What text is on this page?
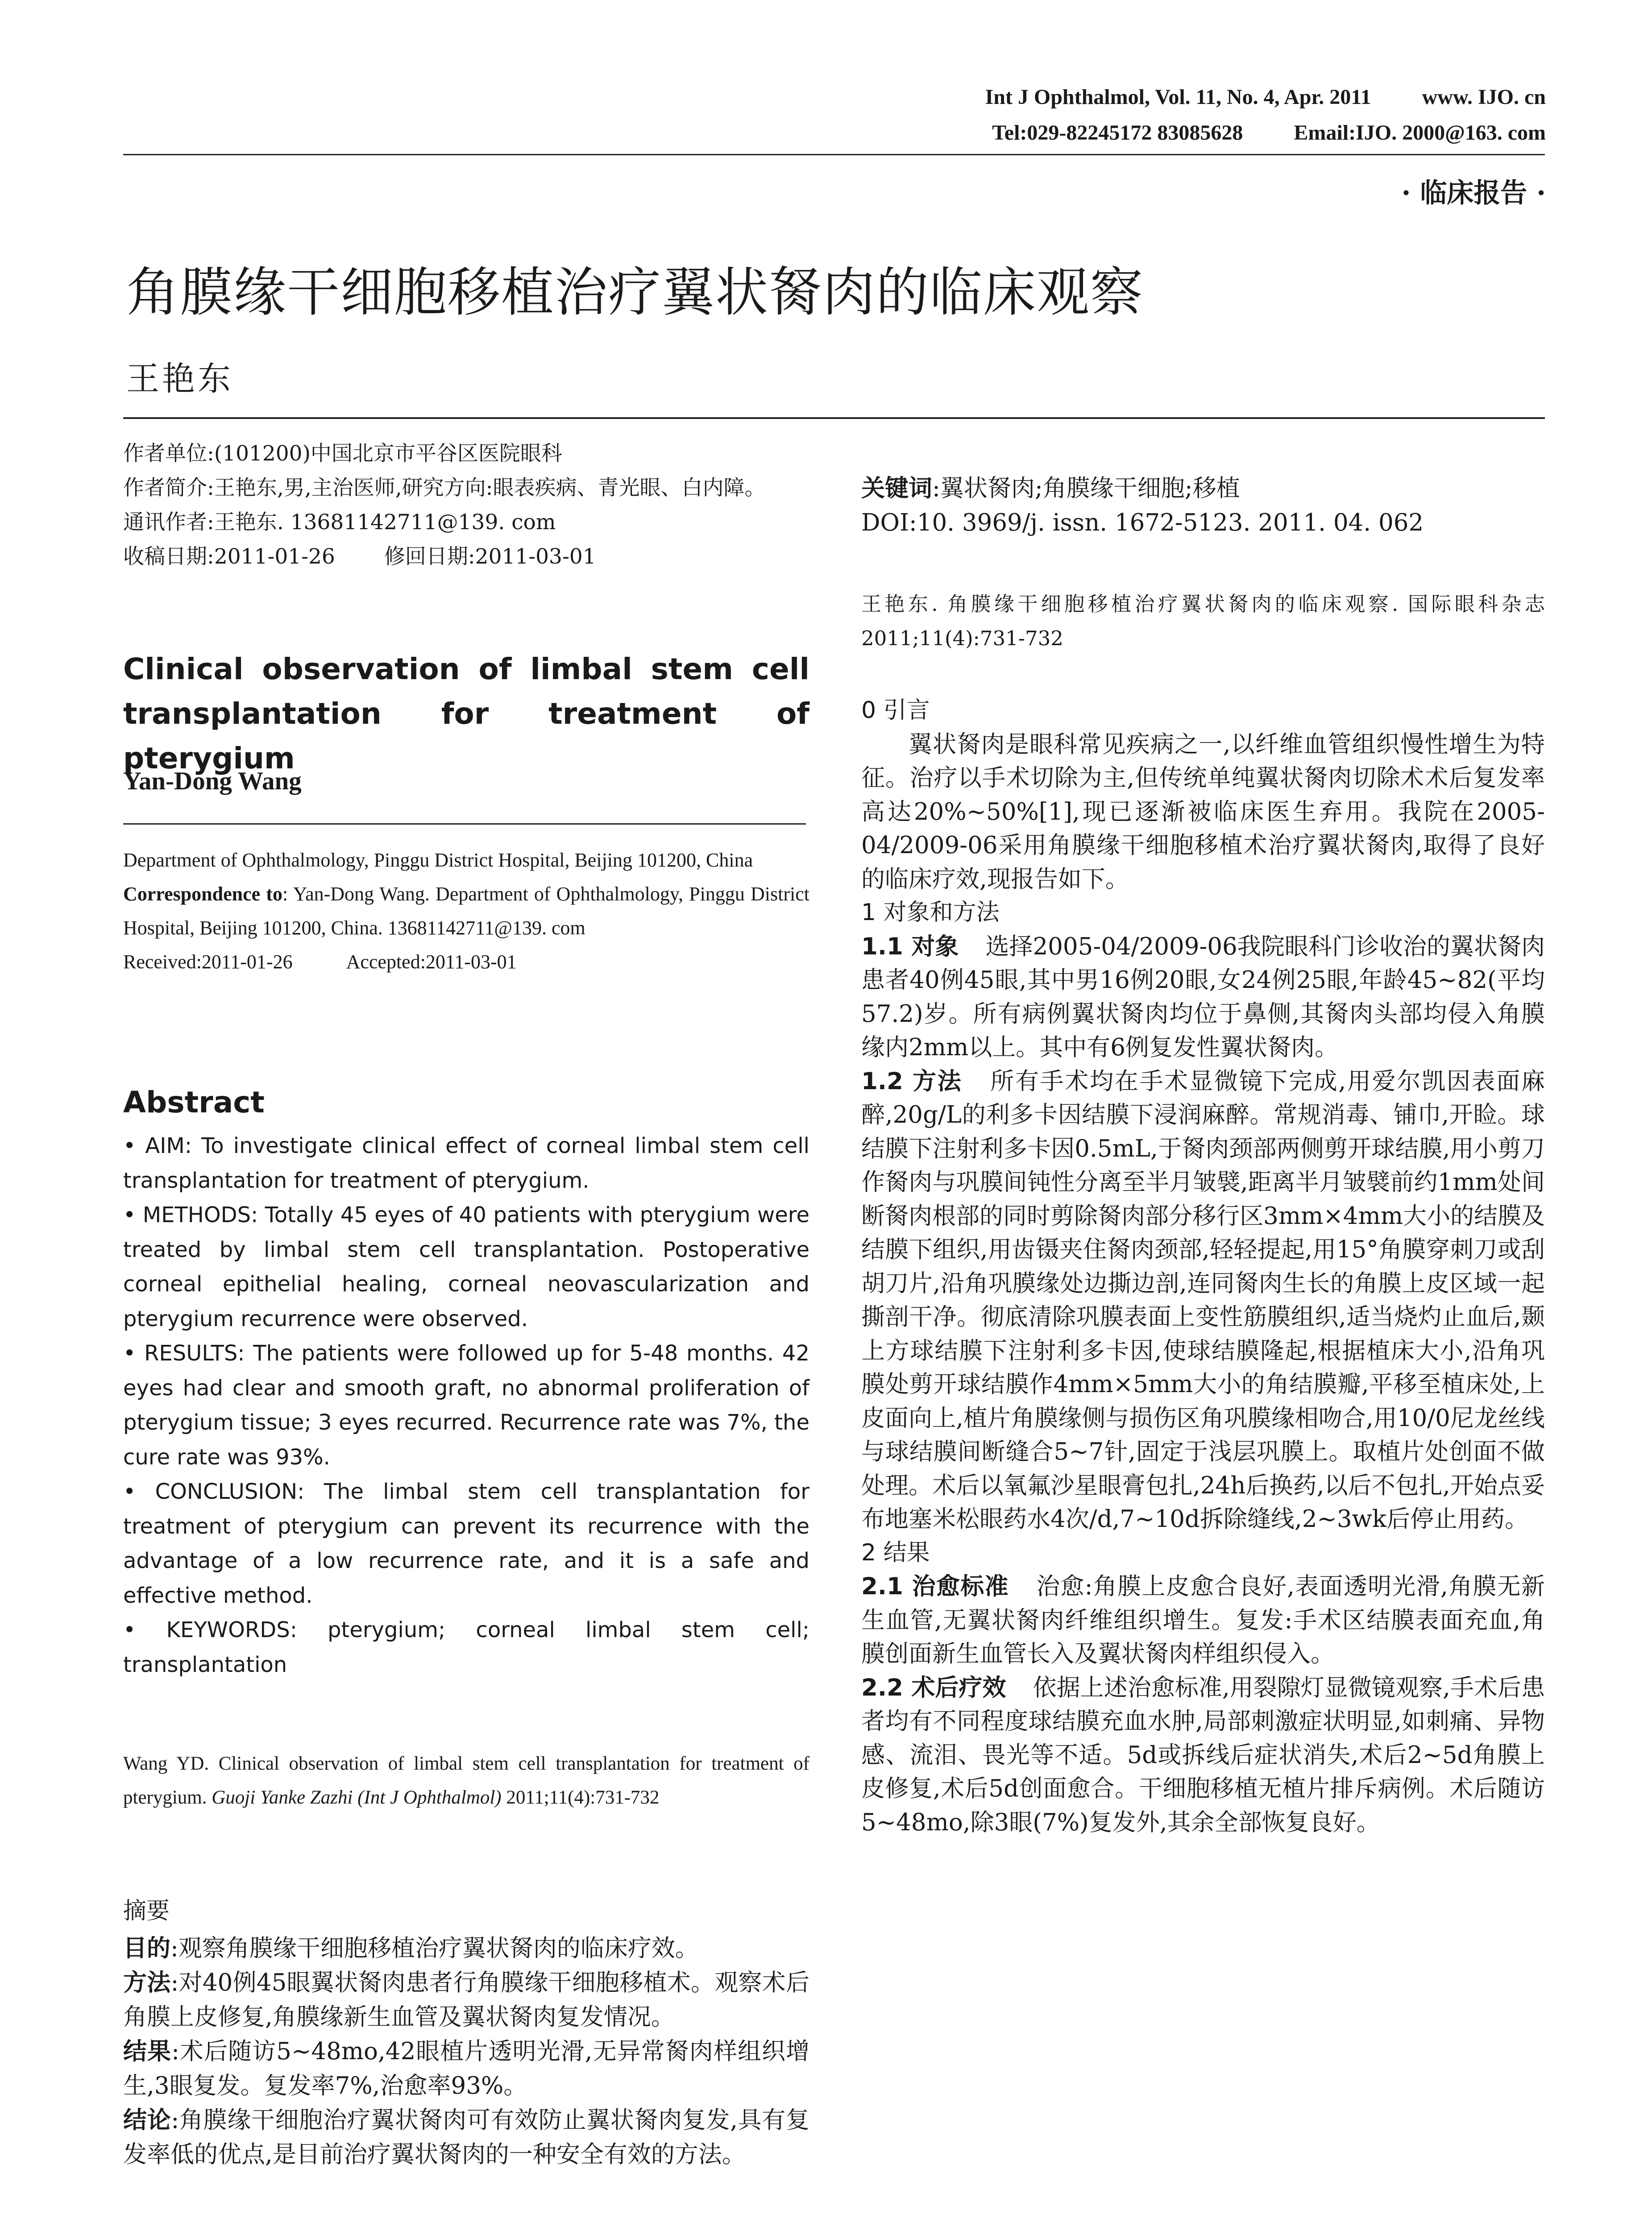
Int J Ophthalmol, Vol. 11, No. 4, Apr. 2011 www. IJO. cn
Tel:029-82245172 83085628 Email:IJO. 2000@163. com
· 临床报告 ·
角膜缘干细胞移植治疗翼状胬肉的临床观察
王艳东

作者单位:(101200)中国北京市平谷区医院眼科

作者简介:王艳东,男,主治医师,研究方向:眼表疾病、青光眼、白内障。

通讯作者:王艳东. 13681142711@139. com

收稿日期:2011-01-26 修回日期:2011-03-01

Clinical observation of limbal stem cell transplantation for treatment of pterygium
Yan-Dong Wang

Department of Ophthalmology, Pinggu District Hospital, Beijing 101200, China

Correspondence to: Yan-Dong Wang. Department of Ophthalmology, Pinggu District Hospital, Beijing 101200, China. 13681142711@139. com

Received:2011-01-26	Accepted:2011-03-01

Abstract

• AIM: To investigate clinical effect of corneal limbal stem cell transplantation for treatment of pterygium.

• METHODS: Totally 45 eyes of 40 patients with pterygium were treated by limbal stem cell transplantation. Postoperative corneal epithelial healing, corneal neovascularization and pterygium recurrence were observed.

• RESULTS: The patients were followed up for 5-48 months. 42 eyes had clear and smooth graft, no abnormal proliferation of pterygium tissue; 3 eyes recurred. Recurrence rate was 7%, the cure rate was 93%.

• CONCLUSION: The limbal stem cell transplantation for treatment of pterygium can prevent its recurrence with the advantage of a low recurrence rate, and it is a safe and effective method.

• KEYWORDS: pterygium; corneal limbal stem cell; transplantation

Wang YD. Clinical observation of limbal stem cell transplantation for treatment of pterygium. Guoji Yanke Zazhi (Int J Ophthalmol) 2011;11(4):731-732

摘要

目的:观察角膜缘干细胞移植治疗翼状胬肉的临床疗效。

方法:对40例45眼翼状胬肉患者行角膜缘干细胞移植术。观察术后角膜上皮修复,角膜缘新生血管及翼状胬肉复发情况。

结果:术后随访5~48mo,42眼植片透明光滑,无异常胬肉样组织增生,3眼复发。复发率7%,治愈率93%。

结论:角膜缘干细胞治疗翼状胬肉可有效防止翼状胬肉复发,具有复发率低的优点,是目前治疗翼状胬肉的一种安全有效的方法。

关键词:翼状胬肉;角膜缘干细胞;移植

DOI:10. 3969/j. issn. 1672-5123. 2011. 04. 062

王艳东. 角膜缘干细胞移植治疗翼状胬肉的临床观察. 国际眼科杂志 2011;11(4):731-732

0 引言

翼状胬肉是眼科常见疾病之一,以纤维血管组织慢性增生为特征。治疗以手术切除为主,但传统单纯翼状胬肉切除术术后复发率高达20%~50%[1],现已逐渐被临床医生弃用。我院在2005-04/2009-06采用角膜缘干细胞移植术治疗翼状胬肉,取得了良好的临床疗效,现报告如下。

1 对象和方法

1.1 对象 选择2005-04/2009-06我院眼科门诊收治的翼状胬肉患者40例45眼,其中男16例20眼,女24例25眼,年龄45~82(平均57.2)岁。所有病例翼状胬肉均位于鼻侧,其胬肉头部均侵入角膜缘内2mm以上。其中有6例复发性翼状胬肉。

1.2 方法 所有手术均在手术显微镜下完成,用爱尔凯因表面麻醉,20g/L的利多卡因结膜下浸润麻醉。常规消毒、铺巾,开睑。球结膜下注射利多卡因0.5mL,于胬肉颈部两侧剪开球结膜,用小剪刀作胬肉与巩膜间钝性分离至半月皱襞,距离半月皱襞前约1mm处间断胬肉根部的同时剪除胬肉部分移行区3mm×4mm大小的结膜及结膜下组织,用齿镊夹住胬肉颈部,轻轻提起,用15°角膜穿刺刀或刮胡刀片,沿角巩膜缘处边撕边剖,连同胬肉生长的角膜上皮区域一起撕剖干净。彻底清除巩膜表面上变性筋膜组织,适当烧灼止血后,颞上方球结膜下注射利多卡因,使球结膜隆起,根据植床大小,沿角巩膜处剪开球结膜作4mm×5mm大小的角结膜瓣,平移至植床处,上皮面向上,植片角膜缘侧与损伤区角巩膜缘相吻合,用10/0尼龙丝线与球结膜间断缝合5~7针,固定于浅层巩膜上。取植片处创面不做处理。术后以氧氟沙星眼膏包扎,24h后换药,以后不包扎,开始点妥布地塞米松眼药水4次/d,7~10d拆除缝线,2~3wk后停止用药。

2 结果

2.1 治愈标准 治愈:角膜上皮愈合良好,表面透明光滑,角膜无新生血管,无翼状胬肉纤维组织增生。复发:手术区结膜表面充血,角膜创面新生血管长入及翼状胬肉样组织侵入。

2.2 术后疗效 依据上述治愈标准,用裂隙灯显微镜观察,手术后患者均有不同程度球结膜充血水肿,局部刺激症状明显,如刺痛、异物感、流泪、畏光等不适。5d或拆线后症状消失,术后2~5d角膜上皮修复,术后5d创面愈合。干细胞移植无植片排斥病例。术后随访5~48mo,除3眼(7%)复发外,其余全部恢复良好。
